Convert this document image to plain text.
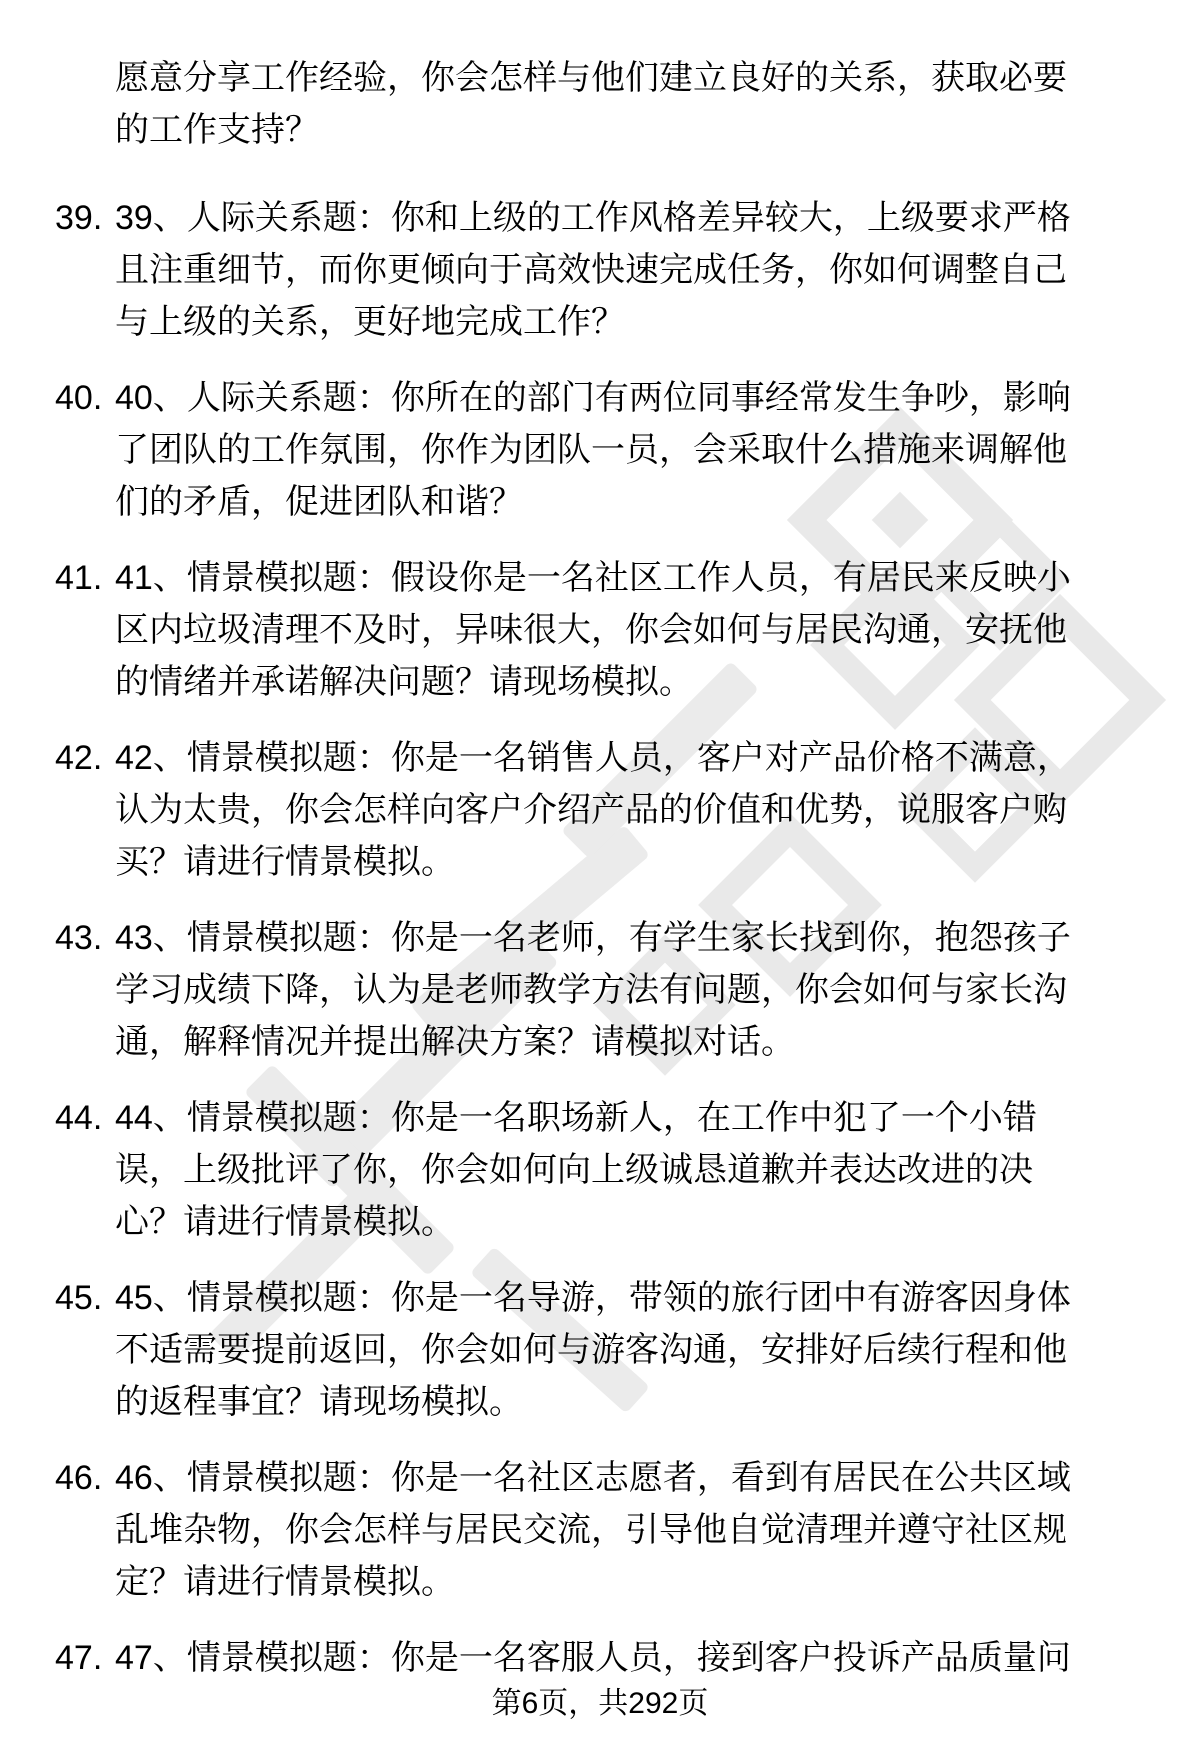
愿意分享工作经验，你会怎样与他们建立良好的关系，获取必要
的工作支持？
39. 39、人际关系题：你和上级的工作风格差异较大，上级要求严格
且注重细节，而你更倾向于高效快速完成任务，你如何调整自己
与上级的关系，更好地完成工作？
40. 40、人际关系题：你所在的部门有两位同事经常发生争吵，影响
了团队的工作氛围，你作为团队一员，会采取什么措施来调解他
们的矛盾，促进团队和谐？
41. 41、情景模拟题：假设你是一名社区工作人员，有居民来反映小
区内垃圾清理不及时，异味很大，你会如何与居民沟通，安抚他
的情绪并承诺解决问题？请现场模拟。
42. 42、情景模拟题：你是一名销售人员，客户对产品价格不满意，
认为太贵，你会怎样向客户介绍产品的价值和优势，说服客户购
买？请进行情景模拟。
43. 43、情景模拟题：你是一名老师，有学生家长找到你，抱怨孩子
学习成绩下降，认为是老师教学方法有问题，你会如何与家长沟
通，解释情况并提出解决方案？请模拟对话。
44. 44、情景模拟题：你是一名职场新人，在工作中犯了一个小错
误，上级批评了你，你会如何向上级诚恳道歉并表达改进的决
心？请进行情景模拟。
45. 45、情景模拟题：你是一名导游，带领的旅行团中有游客因身体
不适需要提前返回，你会如何与游客沟通，安排好后续行程和他
的返程事宜？请现场模拟。
46. 46、情景模拟题：你是一名社区志愿者，看到有居民在公共区域
乱堆杂物，你会怎样与居民交流，引导他自觉清理并遵守社区规
定？请进行情景模拟。
47. 47、情景模拟题：你是一名客服人员，接到客户投诉产品质量问
第6页，共292页
